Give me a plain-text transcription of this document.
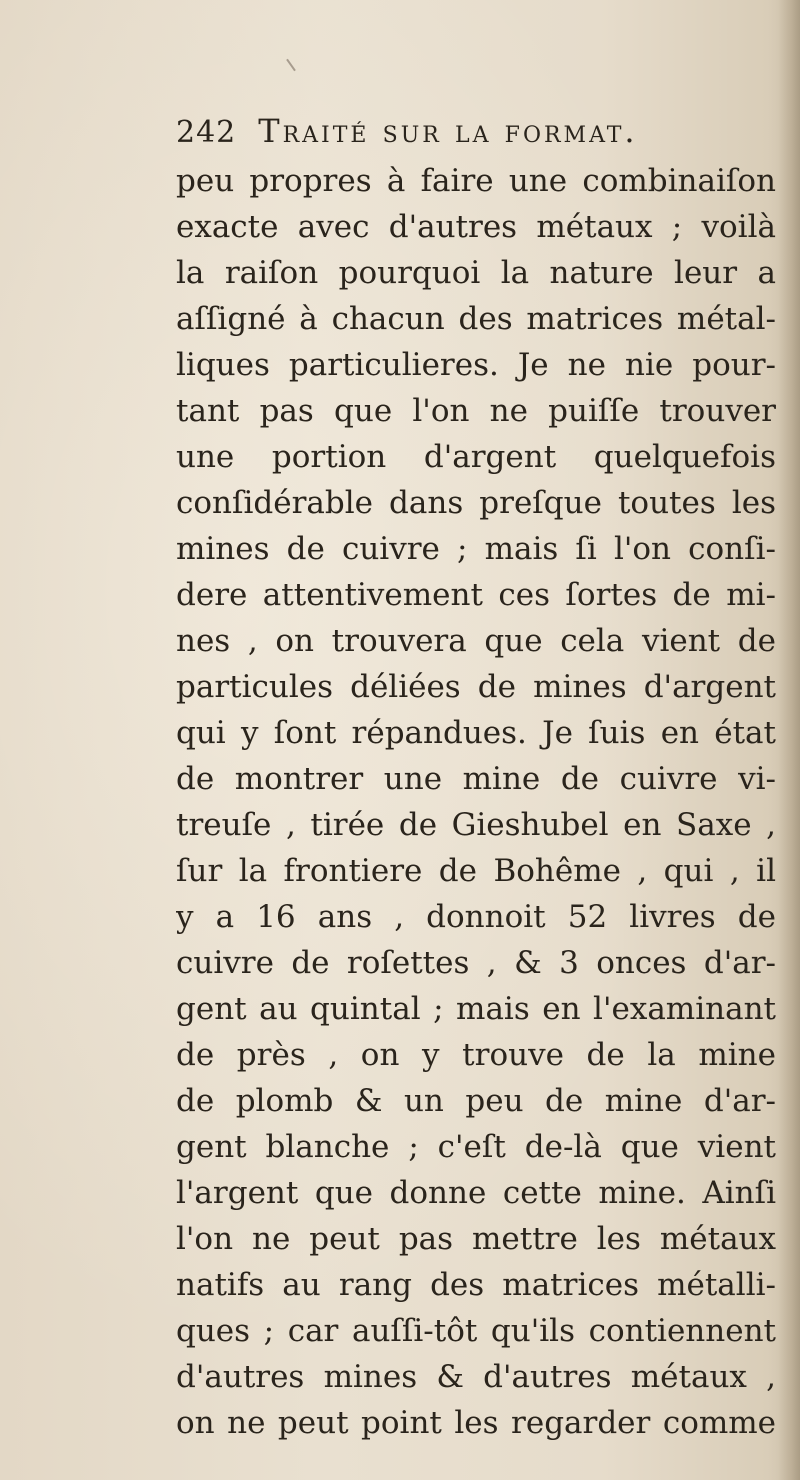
242 Traité sur la format.
peu propres à faire une combinaiſon
exacte avec d'autres métaux ; voilà
la raiſon pourquoi la nature leur a
aſſigné à chacun des matrices métal-
liques particulieres. Je ne nie pour-
tant pas que l'on ne puiſſe trouver
une portion d'argent quelquefois
conſidérable dans preſque toutes les
mines de cuivre ; mais ſi l'on conſi-
dere attentivement ces ſortes de mi-
nes , on trouvera que cela vient de
particules déliées de mines d'argent
qui y ſont répandues. Je ſuis en état
de montrer une mine de cuivre vi-
treuſe , tirée de Gieshubel en Saxe ,
ſur la frontiere de Bohême , qui , il
y a 16 ans , donnoit 52 livres de
cuivre de roſettes , & 3 onces d'ar-
gent au quintal ; mais en l'examinant
de près , on y trouve de la mine
de plomb & un peu de mine d'ar-
gent blanche ; c'eſt de-là que vient
l'argent que donne cette mine. Ainſi
l'on ne peut pas mettre les métaux
natifs au rang des matrices métalli-
ques ; car auſſi-tôt qu'ils contiennent
d'autres mines & d'autres métaux ,
on ne peut point les regarder comme
